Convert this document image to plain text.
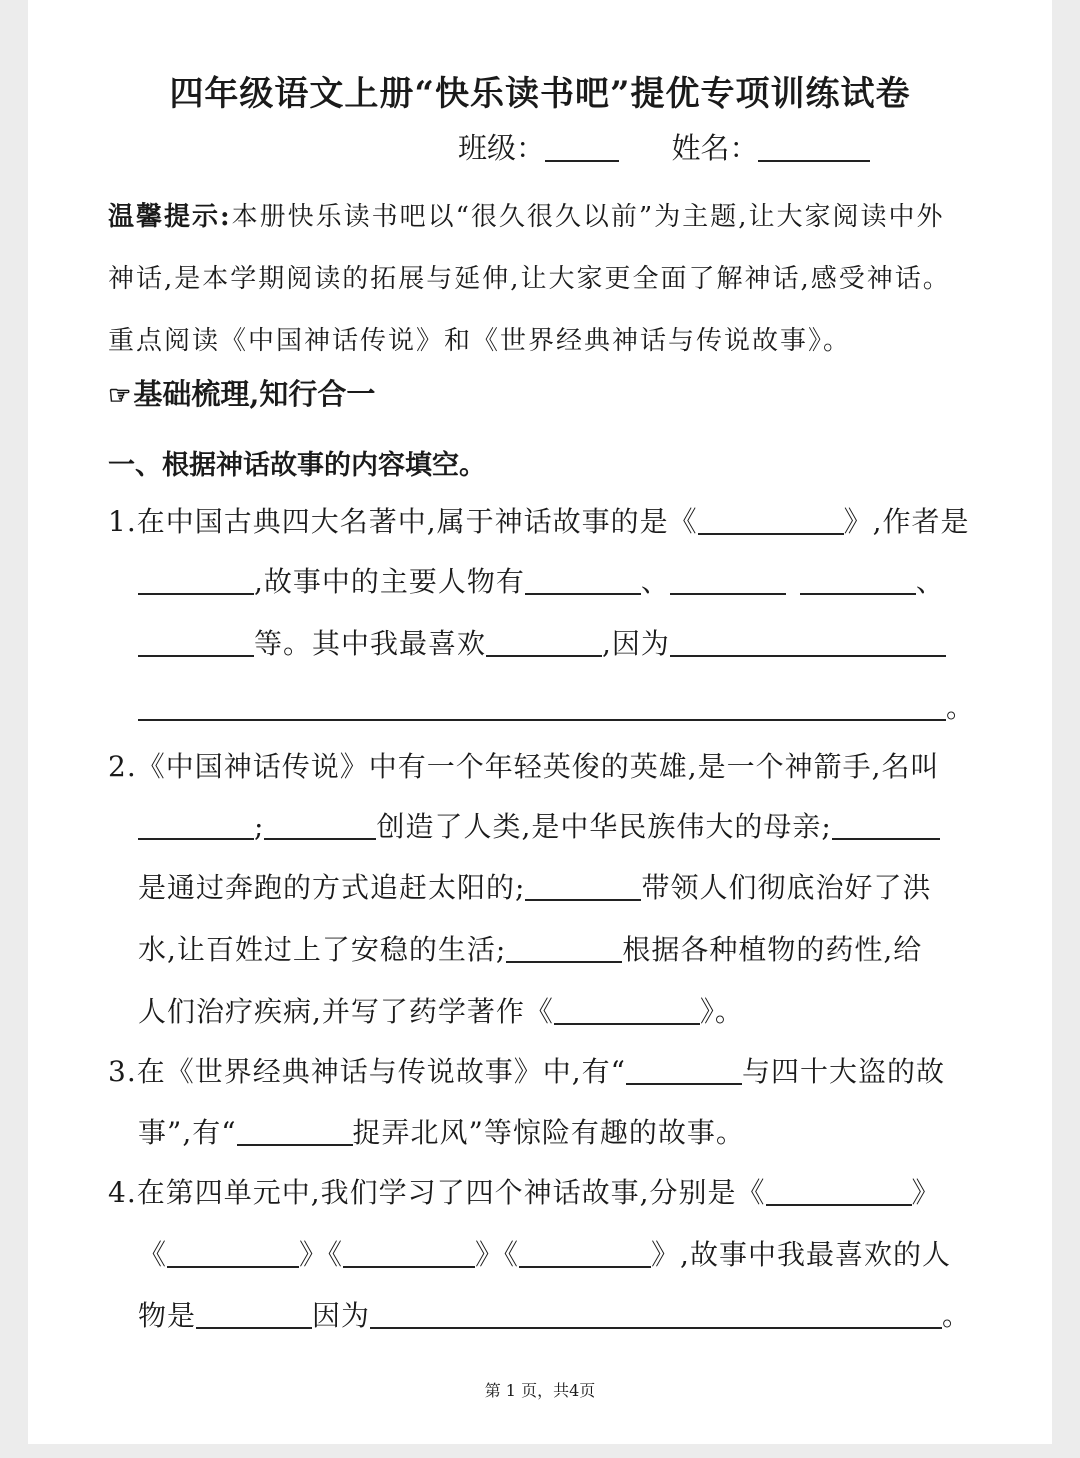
四年级语文上册“快乐读书吧”提优专项训练试卷
班级：	姓名：
温馨提示:本册快乐读书吧以“很久很久以前”为主题,让大家阅读中外神话,是本学期阅读的拓展与延伸,让大家更全面了解神话,感受神话。重点阅读《中国神话传说》和《世界经典神话与传说故事》。
☞基础梳理,知行合一
一、根据神话故事的内容填空。
1.在中国古典四大名著中,属于神话故事的是《	》,作者是
,故事中的主要人物有	、	、
等。其中我最喜欢	,因为
。
2.《中国神话传说》中有一个年轻英俊的英雄,是一个神箭手,名叫
;	创造了人类,是中华民族伟大的母亲;
是通过奔跑的方式追赶太阳的;	带领人们彻底治好了洪
水,让百姓过上了安稳的生活;	根据各种植物的药性,给
人们治疗疾病,并写了药学著作《	》。
3.在《世界经典神话与传说故事》中,有“	与四十大盗的故
事”,有“	捉弄北风”等惊险有趣的故事。
4.在第四单元中,我们学习了四个神话故事,分别是《	》
《	》《	》《	》,故事中我最喜欢的人
物是	因为	。
第 1 页，共4页
